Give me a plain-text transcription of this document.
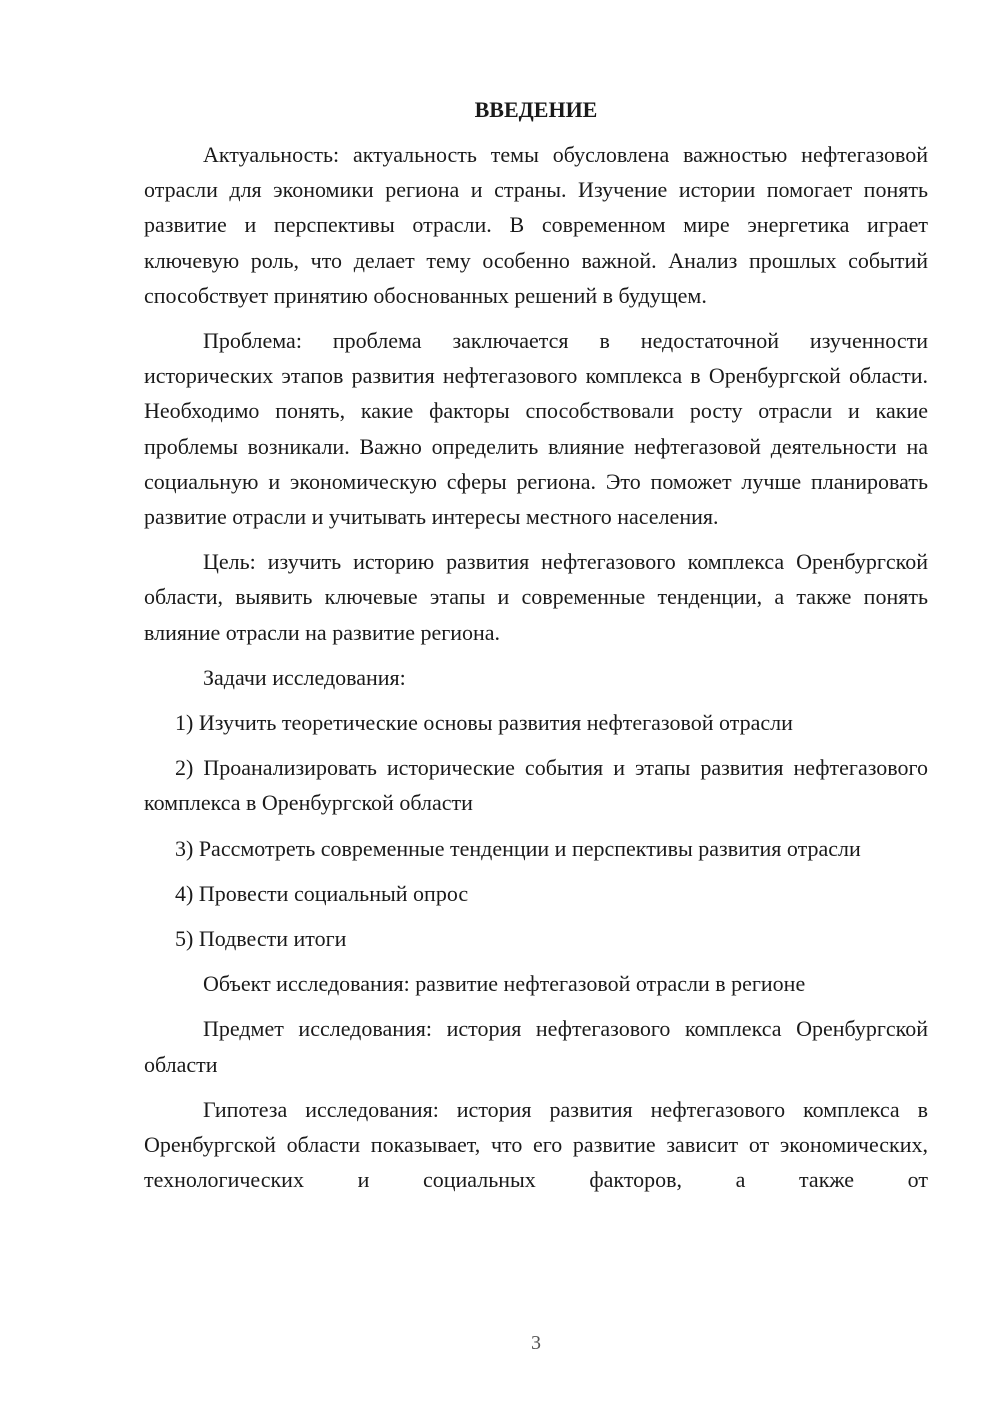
ВВЕДЕНИЕ

Актуальность: актуальность темы обусловлена важностью нефтегазовой отрасли для экономики региона и страны. Изучение истории помогает понять развитие и перспективы отрасли. В современном мире энергетика играет ключевую роль, что делает тему особенно важной. Анализ прошлых событий способствует принятию обоснованных решений в будущем.

Проблема: проблема заключается в недостаточной изученности исторических этапов развития нефтегазового комплекса в Оренбургской области. Необходимо понять, какие факторы способствовали росту отрасли и какие проблемы возникали. Важно определить влияние нефтегазовой деятельности на социальную и экономическую сферы региона. Это поможет лучше планировать развитие отрасли и учитывать интересы местного населения.

Цель: изучить историю развития нефтегазового комплекса Оренбургской области, выявить ключевые этапы и современные тенденции, а также понять влияние отрасли на развитие региона.

Задачи исследования:

1) Изучить теоретические основы развития нефтегазовой отрасли

2) Проанализировать исторические события и этапы развития нефтегазового комплекса в Оренбургской области

3) Рассмотреть современные тенденции и перспективы развития отрасли

4) Провести социальный опрос

5) Подвести итоги

Объект исследования: развитие нефтегазовой отрасли в регионе

Предмет исследования: история нефтегазового комплекса Оренбургской области

Гипотеза исследования: история развития нефтегазового комплекса в Оренбургской области показывает, что его развитие зависит от экономических, технологических и социальных факторов, а также от

3
